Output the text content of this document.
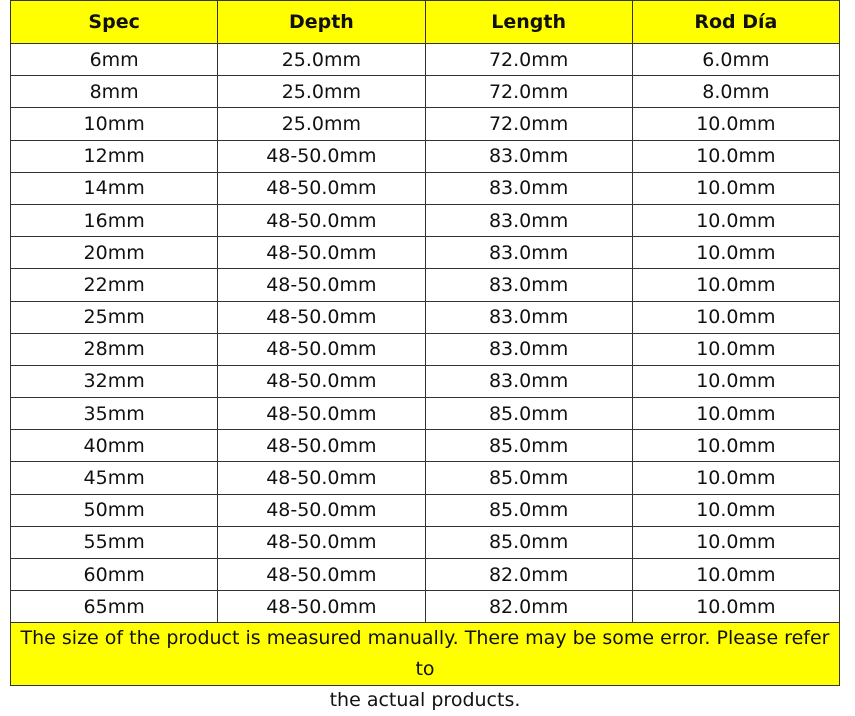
Spec	Depth	Length	Rod Día
6mm	25.0mm	72.0mm	6.0mm
8mm	25.0mm	72.0mm	8.0mm
10mm	25.0mm	72.0mm	10.0mm
12mm	48-50.0mm	83.0mm	10.0mm
14mm	48-50.0mm	83.0mm	10.0mm
16mm	48-50.0mm	83.0mm	10.0mm
20mm	48-50.0mm	83.0mm	10.0mm
22mm	48-50.0mm	83.0mm	10.0mm
25mm	48-50.0mm	83.0mm	10.0mm
28mm	48-50.0mm	83.0mm	10.0mm
32mm	48-50.0mm	83.0mm	10.0mm
35mm	48-50.0mm	85.0mm	10.0mm
40mm	48-50.0mm	85.0mm	10.0mm
45mm	48-50.0mm	85.0mm	10.0mm
50mm	48-50.0mm	85.0mm	10.0mm
55mm	48-50.0mm	85.0mm	10.0mm
60mm	48-50.0mm	82.0mm	10.0mm
65mm	48-50.0mm	82.0mm	10.0mm
The size of the product is measured manually. There may be some error. Please refer to
the actual products.
